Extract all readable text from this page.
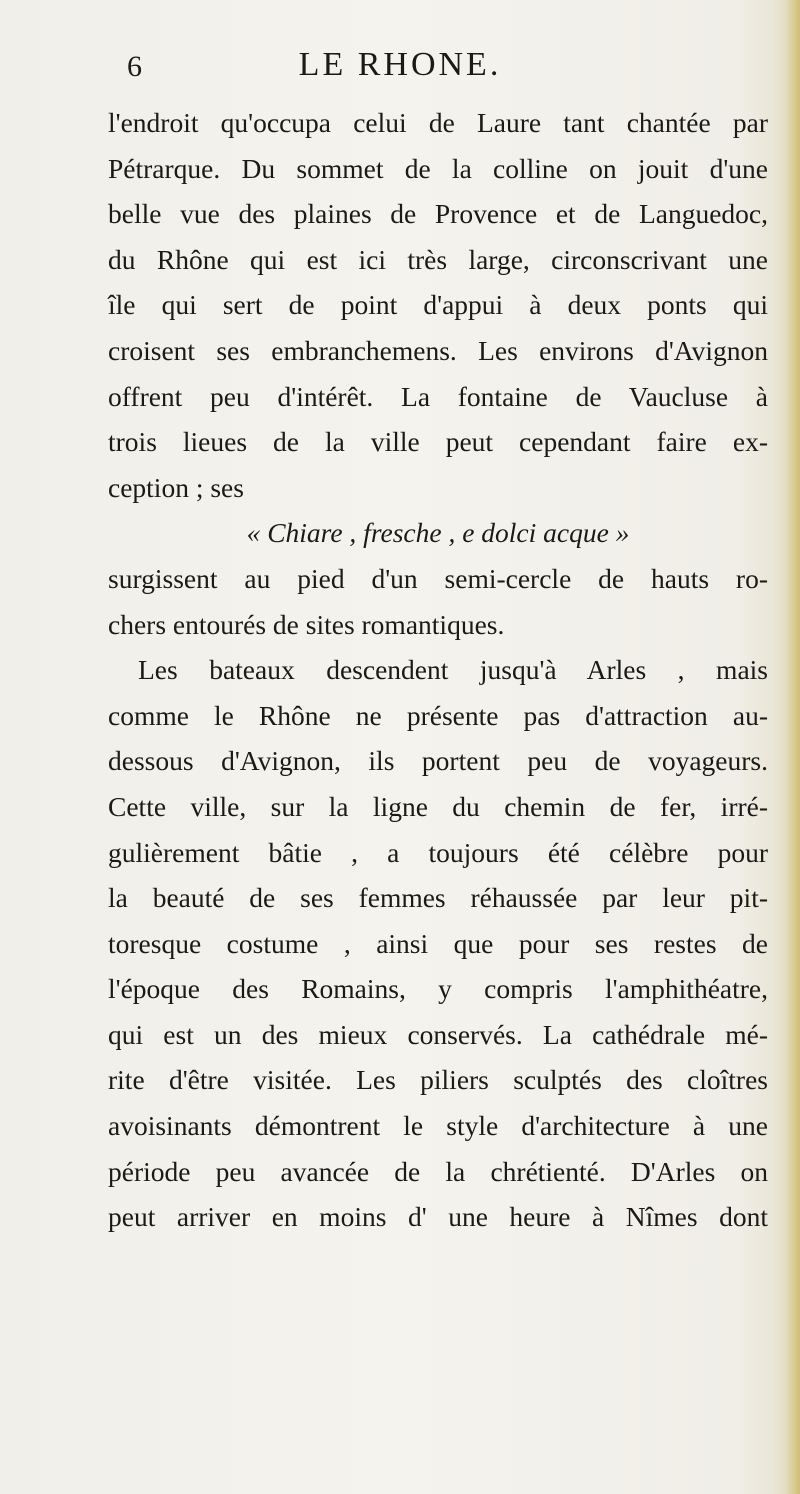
6	LE RHONE.
l'endroit qu'occupa celui de Laure tant chantée par
Pétrarque. Du sommet de la colline on jouit d'une
belle vue des plaines de Provence et de Languedoc,
du Rhône qui est ici très large, circonscrivant une
île qui sert de point d'appui à deux ponts qui
croisent ses embranchemens. Les environs d'Avignon
offrent peu d'intérêt. La fontaine de Vaucluse à
trois lieues de la ville peut cependant faire ex-
ception ; ses
« Chiare , fresche , e dolci acque »
surgissent au pied d'un semi-cercle de hauts ro-
chers entourés de sites romantiques.
Les bateaux descendent jusqu'à Arles , mais
comme le Rhône ne présente pas d'attraction au-
dessous d'Avignon, ils portent peu de voyageurs.
Cette ville, sur la ligne du chemin de fer, irré-
gulièrement bâtie , a toujours été célèbre pour
la beauté de ses femmes réhaussée par leur pit-
toresque costume , ainsi que pour ses restes de
l'époque des Romains, y compris l'amphithéatre,
qui est un des mieux conservés. La cathédrale mé-
rite d'être visitée. Les piliers sculptés des cloîtres
avoisinants démontrent le style d'architecture à une
période peu avancée de la chrétienté. D'Arles on
peut arriver en moins d' une heure à Nîmes dont
